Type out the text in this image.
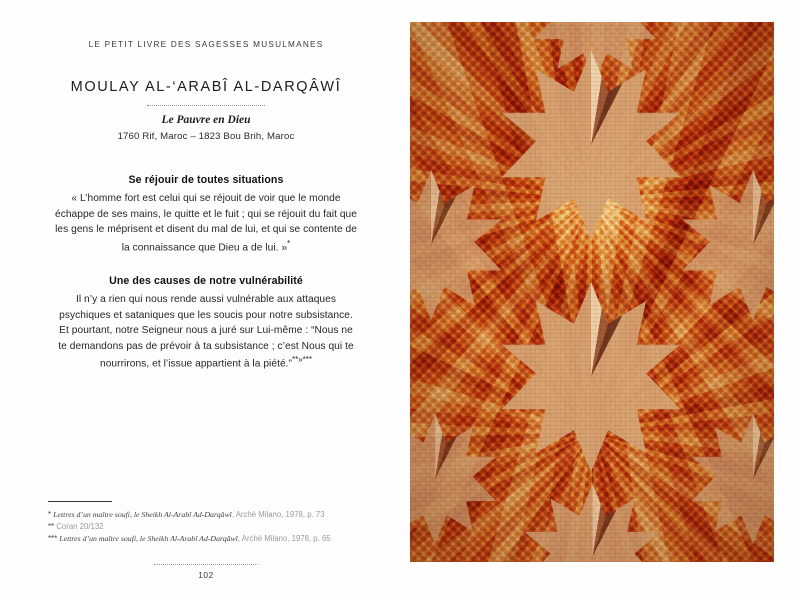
LE PETIT LIVRE DES SAGESSES MUSULMANES
MOULAY AL-‘ARABÎ AL-DARQÂWÎ
Le Pauvre en Dieu
1760 Rif, Maroc – 1823 Bou Brih, Maroc
Se réjouir de toutes situations
« L’homme fort est celui qui se réjouit de voir que le monde échappe de ses mains, le quitte et le fuit ; qui se réjouit du fait que les gens le méprisent et disent du mal de lui, et qui se contente de la connaissance que Dieu a de lui. »*
Une des causes de notre vulnérabilité
Il n’y a rien qui nous rende aussi vulnérable aux attaques psychiques et sataniques que les soucis pour notre subsistance. Et pourtant, notre Seigneur nous a juré sur Lui-même : “Nous ne te demandons pas de prévoir à ta subsistance ; c’est Nous qui te nourrirons, et l’issue appartient à la piété.”**»***
* Lettres d’un maître soufi, le Sheikh Al-Arabî Ad-Darqâwî, Archè Milano, 1978, p. 73
** Coran 20/132
*** Lettres d’un maître soufi, le Sheikh Al-Arabî Ad-Darqâwî, Archè Milano, 1978, p. 65
102
